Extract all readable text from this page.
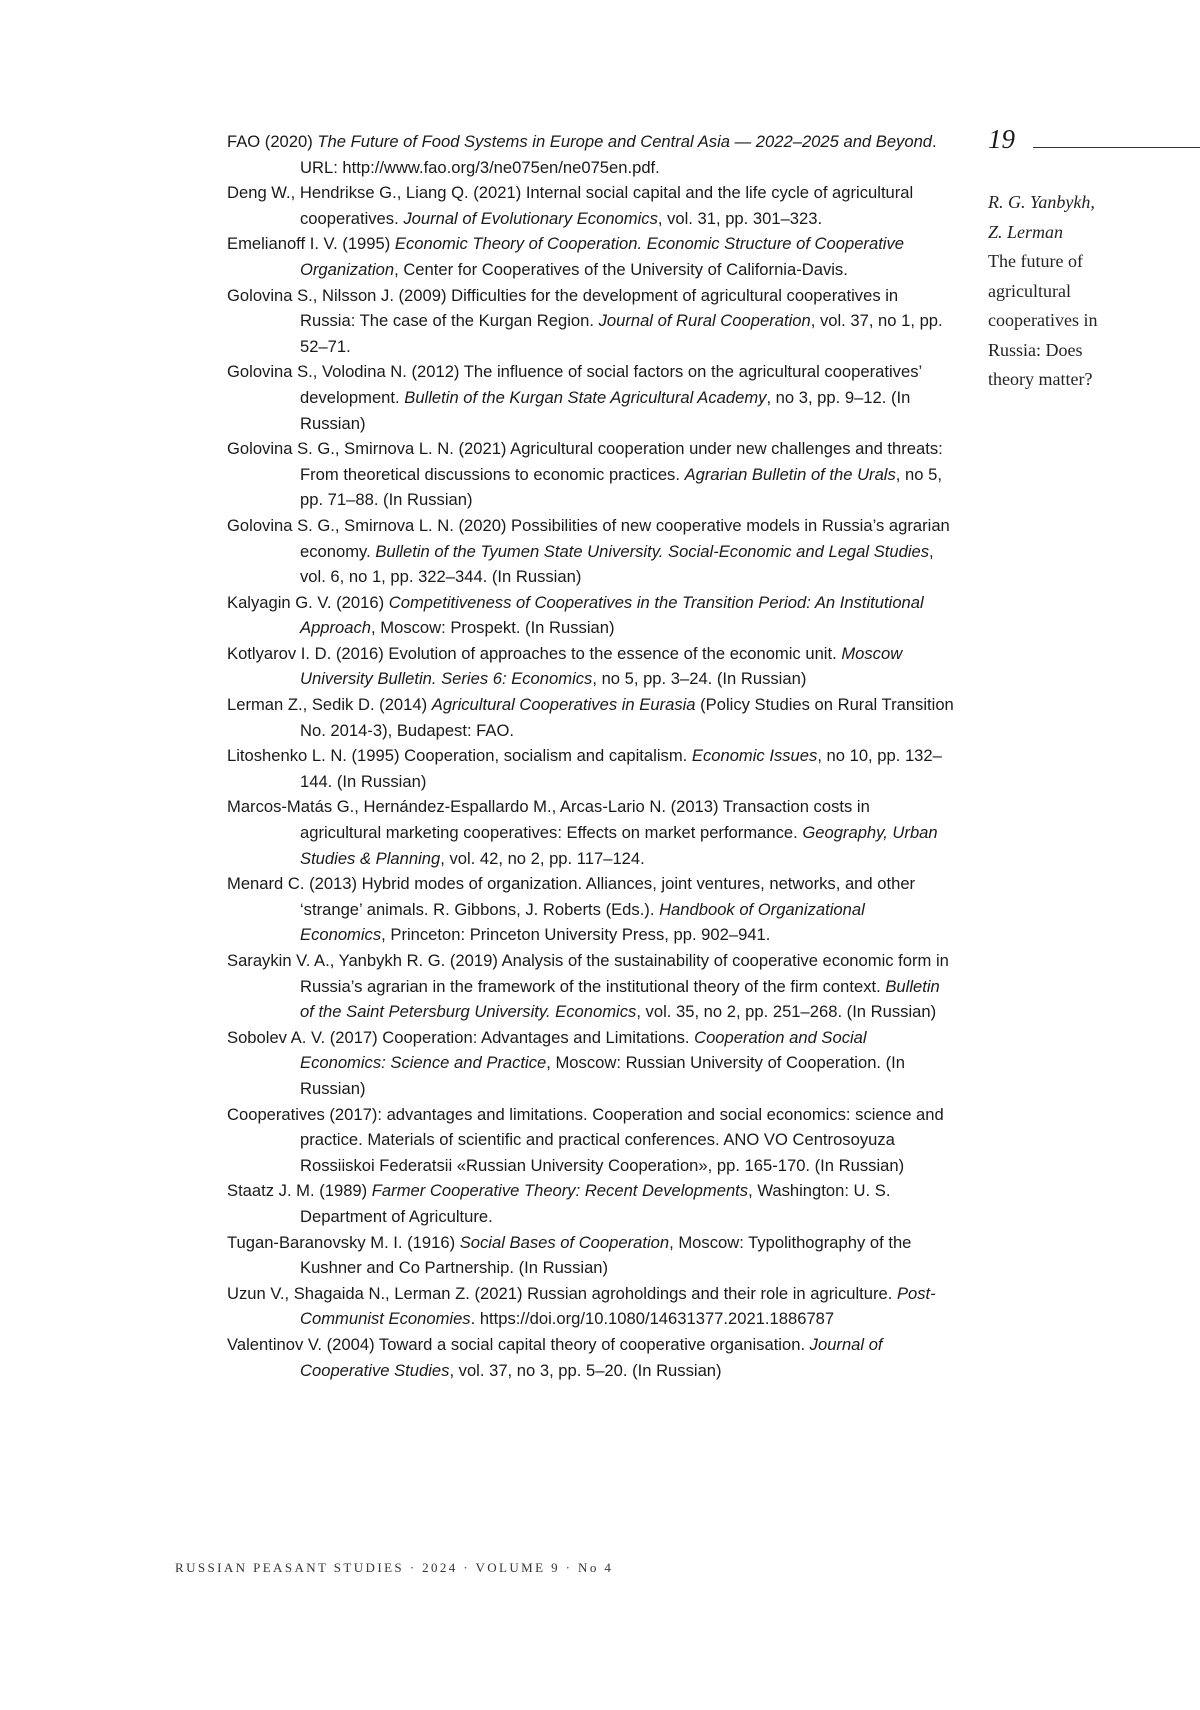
19
R. G. Yanbykh,
Z. Lerman
The future of agricultural cooperatives in Russia: Does theory matter?

FAO (2020) The Future of Food Systems in Europe and Central Asia — 2022–2025 and Beyond. URL: http://www.fao.org/3/ne075en/ne075en.pdf.

Deng W., Hendrikse G., Liang Q. (2021) Internal social capital and the life cycle of agricultural cooperatives. Journal of Evolutionary Economics, vol. 31, pp. 301–323.

Emelianoff I. V. (1995) Economic Theory of Cooperation. Economic Structure of Cooperative Organization, Center for Cooperatives of the University of California-Davis.

Golovina S., Nilsson J. (2009) Difficulties for the development of agricultural cooperatives in Russia: The case of the Kurgan Region. Journal of Rural Cooperation, vol. 37, no 1, pp. 52–71.

Golovina S., Volodina N. (2012) The influence of social factors on the agricultural cooperatives’ development. Bulletin of the Kurgan State Agricultural Academy, no 3, pp. 9–12. (In Russian)

Golovina S. G., Smirnova L. N. (2021) Agricultural cooperation under new challenges and threats: From theoretical discussions to economic practices. Agrarian Bulletin of the Urals, no 5, pp. 71–88. (In Russian)

Golovina S. G., Smirnova L. N. (2020) Possibilities of new cooperative models in Russia’s agrarian economy. Bulletin of the Tyumen State University. Social-Economic and Legal Studies, vol. 6, no 1, pp. 322–344. (In Russian)

Kalyagin G. V. (2016) Competitiveness of Cooperatives in the Transition Period: An Institutional Approach, Moscow: Prospekt. (In Russian)

Kotlyarov I. D. (2016) Evolution of approaches to the essence of the economic unit. Moscow University Bulletin. Series 6: Economics, no 5, pp. 3–24. (In Russian)

Lerman Z., Sedik D. (2014) Agricultural Cooperatives in Eurasia (Policy Studies on Rural Transition No. 2014-3), Budapest: FAO.

Litoshenko L. N. (1995) Cooperation, socialism and capitalism. Economic Issues, no 10, pp. 132–144. (In Russian)

Marcos-Matás G., Hernández-Espallardo M., Arcas-Lario N. (2013) Transaction costs in agricultural marketing cooperatives: Effects on market performance. Geography, Urban Studies & Planning, vol. 42, no 2, pp. 117–124.

Menard C. (2013) Hybrid modes of organization. Alliances, joint ventures, networks, and other ‘strange’ animals. R. Gibbons, J. Roberts (Eds.). Handbook of Organizational Economics, Princeton: Princeton University Press, pp. 902–941.

Saraykin V. A., Yanbykh R. G. (2019) Analysis of the sustainability of cooperative economic form in Russia’s agrarian in the framework of the institutional theory of the firm context. Bulletin of the Saint Petersburg University. Economics, vol. 35, no 2, pp. 251–268. (In Russian)

Sobolev A. V. (2017) Cooperation: Advantages and Limitations. Cooperation and Social Economics: Science and Practice, Moscow: Russian University of Cooperation. (In Russian)

Cooperatives (2017): advantages and limitations. Cooperation and social economics: science and practice. Materials of scientific and practical conferences. ANO VO Centrosoyuza Rossiiskoi Federatsii «Russian University Cooperation», pp. 165-170. (In Russian)

Staatz J. M. (1989) Farmer Cooperative Theory: Recent Developments, Washington: U. S. Department of Agriculture.

Tugan-Baranovsky M. I. (1916) Social Bases of Cooperation, Moscow: Typolithography of the Kushner and Co Partnership. (In Russian)

Uzun V., Shagaida N., Lerman Z. (2021) Russian agroholdings and their role in agriculture. Post-Communist Economies. https://doi.org/10.1080/14631377.2021.1886787

Valentinov V. (2004) Toward a social capital theory of cooperative organisation. Journal of Cooperative Studies, vol. 37, no 3, pp. 5–20. (In Russian)

RUSSIAN PEASANT STUDIES · 2024 · VOLUME 9 · No 4
